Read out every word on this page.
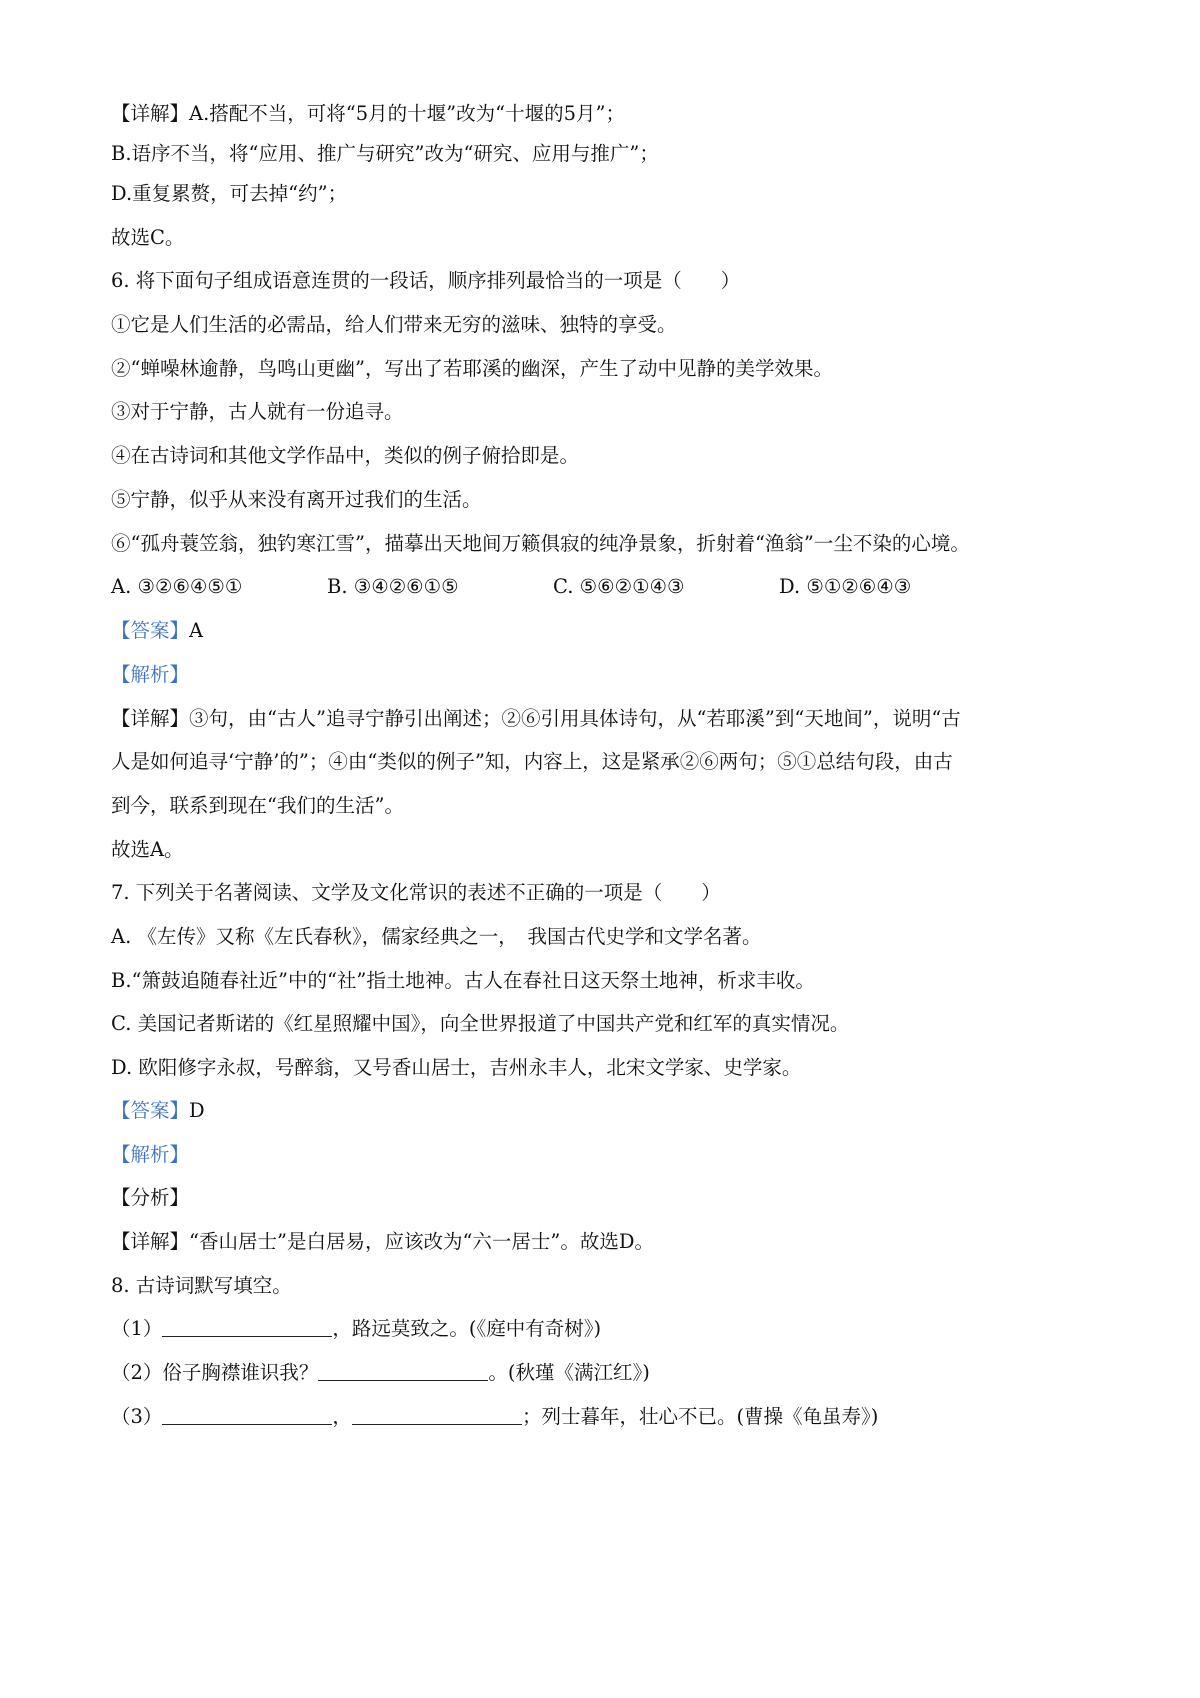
【详解】A.搭配不当，可将“5月的十堰”改为“十堰的5月”；
B.语序不当，将“应用、推广与研究”改为“研究、应用与推广”；
D.重复累赘，可去掉“约”；
故选C。
6. 将下面句子组成语意连贯的一段话，顺序排列最恰当的一项是（　　）
①它是人们生活的必需品，给人们带来无穷的滋味、独特的享受。
②“蝉噪林逾静，鸟鸣山更幽”，写出了若耶溪的幽深，产生了动中见静的美学效果。
③对于宁静，古人就有一份追寻。
④在古诗词和其他文学作品中，类似的例子俯拾即是。
⑤宁静，似乎从来没有离开过我们的生活。
⑥“孤舟蓑笠翁，独钓寒江雪”，描摹出天地间万籁俱寂的纯净景象，折射着“渔翁”一尘不染的心境。
A. ③②⑥④⑤①	B. ③④②⑥①⑤	C. ⑤⑥②①④③	D. ⑤①②⑥④③
【答案】A
【解析】
【详解】③句，由“古人”追寻宁静引出阐述；②⑥引用具体诗句，从“若耶溪”到“天地间”，说明“古
人是如何追寻‘宁静’的”；④由“类似的例子”知，内容上，这是紧承②⑥两句；⑤①总结句段，由古
到今，联系到现在“我们的生活”。
故选A。
7. 下列关于名著阅读、文学及文化常识的表述不正确的一项是（　　）
A. 《左传》又称《左氏春秋》，儒家经典之一，　我国古代史学和文学名著。
B.“箫鼓追随春社近”中的“社”指土地神。古人在春社日这天祭土地神，析求丰收。
C. 美国记者斯诺的《红星照耀中国》，向全世界报道了中国共产党和红军的真实情况。
D. 欧阳修字永叔，号醉翁，又号香山居士，吉州永丰人，北宋文学家、史学家。
【答案】D
【解析】
【分析】
【详解】“香山居士”是白居易，应该改为“六一居士”。故选D。
8. 古诗词默写填空。
（1）	，路远莫致之。(《庭中有奇树》)
（2）俗子胸襟谁识我？	。(秋瑾《满江红》)
（3）	，	；列士暮年，壮心不已。(曹操《龟虽寿》)
